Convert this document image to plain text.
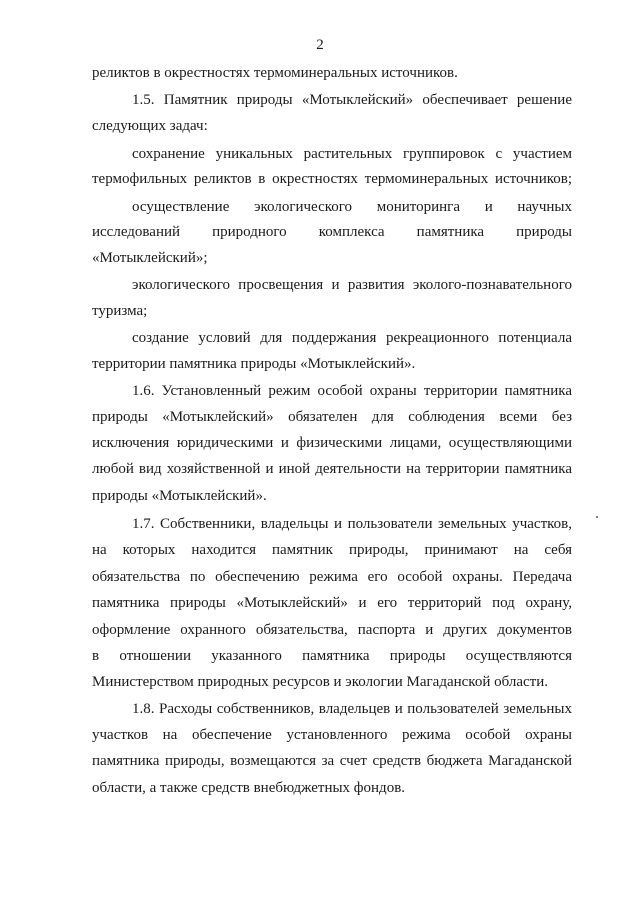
2
реликтов в окрестностях термоминеральных источников.
1.5. Памятник природы «Мотыклейский» обеспечивает решение
следующих задач:
сохранение уникальных растительных группировок с участием
термофильных реликтов в окрестностях термоминеральных источников;
осуществление экологического мониторинга и научных
исследований природного комплекса памятника природы
«Мотыклейский»;
экологического просвещения и развития эколого-познавательного
туризма;
создание условий для поддержания рекреационного потенциала
территории памятника природы «Мотыклейский».
1.6. Установленный режим особой охраны территории памятника
природы «Мотыклейский» обязателен для соблюдения всеми без
исключения юридическими и физическими лицами, осуществляющими
любой вид хозяйственной и иной деятельности на территории памятника
природы «Мотыклейский».
1.7. Собственники, владельцы и пользователи земельных участков,
на которых находится памятник природы, принимают на себя
обязательства по обеспечению режима его особой охраны. Передача
памятника природы «Мотыклейский» и его территорий под охрану,
оформление охранного обязательства, паспорта и других документов
в отношении указанного памятника природы осуществляются
Министерством природных ресурсов и экологии Магаданской области.
1.8. Расходы собственников, владельцев и пользователей земельных
участков на обеспечение установленного режима особой охраны
памятника природы, возмещаются за счет средств бюджета Магаданской
области, а также средств внебюджетных фондов.
